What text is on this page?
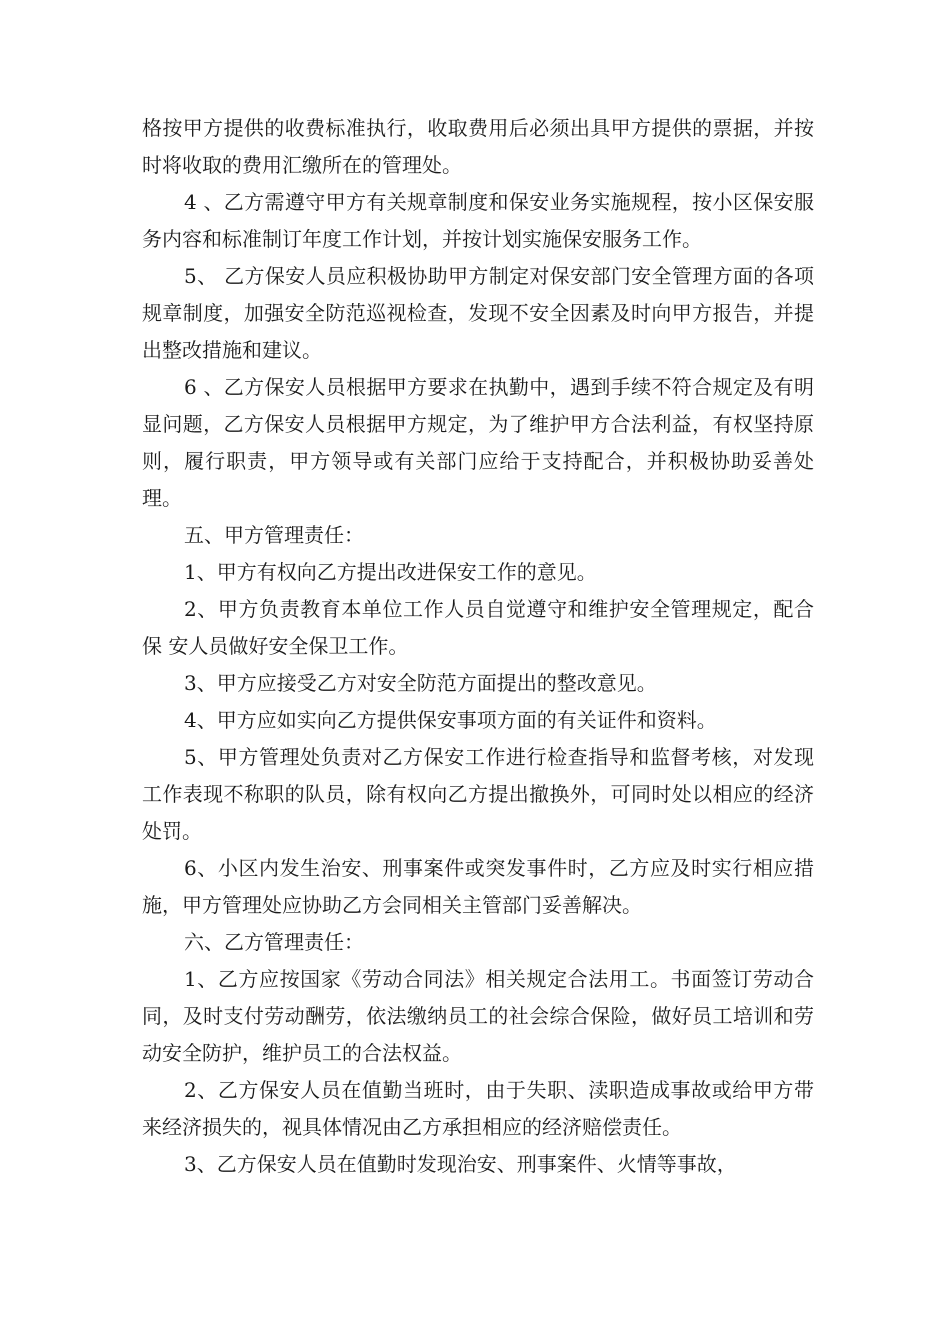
格按甲方提供的收费标准执行，收取费用后必须出具甲方提供的票据，并按时将收取的费用汇缴所在的管理处。

4 、乙方需遵守甲方有关规章制度和保安业务实施规程，按小区保安服务内容和标准制订年度工作计划，并按计划实施保安服务工作。

5、 乙方保安人员应积极协助甲方制定对保安部门安全管理方面的各项规章制度，加强安全防范巡视检查，发现不安全因素及时向甲方报告，并提出整改措施和建议。

6 、乙方保安人员根据甲方要求在执勤中，遇到手续不符合规定及有明显问题，乙方保安人员根据甲方规定，为了维护甲方合法利益，有权坚持原则，履行职责，甲方领导或有关部门应给于支持配合，并积极协助妥善处理。

五、甲方管理责任：

1、甲方有权向乙方提出改进保安工作的意见。

2、甲方负责教育本单位工作人员自觉遵守和维护安全管理规定，配合保 安人员做好安全保卫工作。

3、甲方应接受乙方对安全防范方面提出的整改意见。

4、甲方应如实向乙方提供保安事项方面的有关证件和资料。

5、甲方管理处负责对乙方保安工作进行检查指导和监督考核，对发现工作表现不称职的队员，除有权向乙方提出撤换外，可同时处以相应的经济处罚。

6、小区内发生治安、刑事案件或突发事件时，乙方应及时实行相应措施，甲方管理处应协助乙方会同相关主管部门妥善解决。

六、乙方管理责任：

1、乙方应按国家《劳动合同法》相关规定合法用工。书面签订劳动合同，及时支付劳动酬劳，依法缴纳员工的社会综合保险，做好员工培训和劳动安全防护，维护员工的合法权益。

2、乙方保安人员在值勤当班时，由于失职、渎职造成事故或给甲方带来经济损失的，视具体情况由乙方承担相应的经济赔偿责任。

3、乙方保安人员在值勤时发现治安、刑事案件、火情等事故，
